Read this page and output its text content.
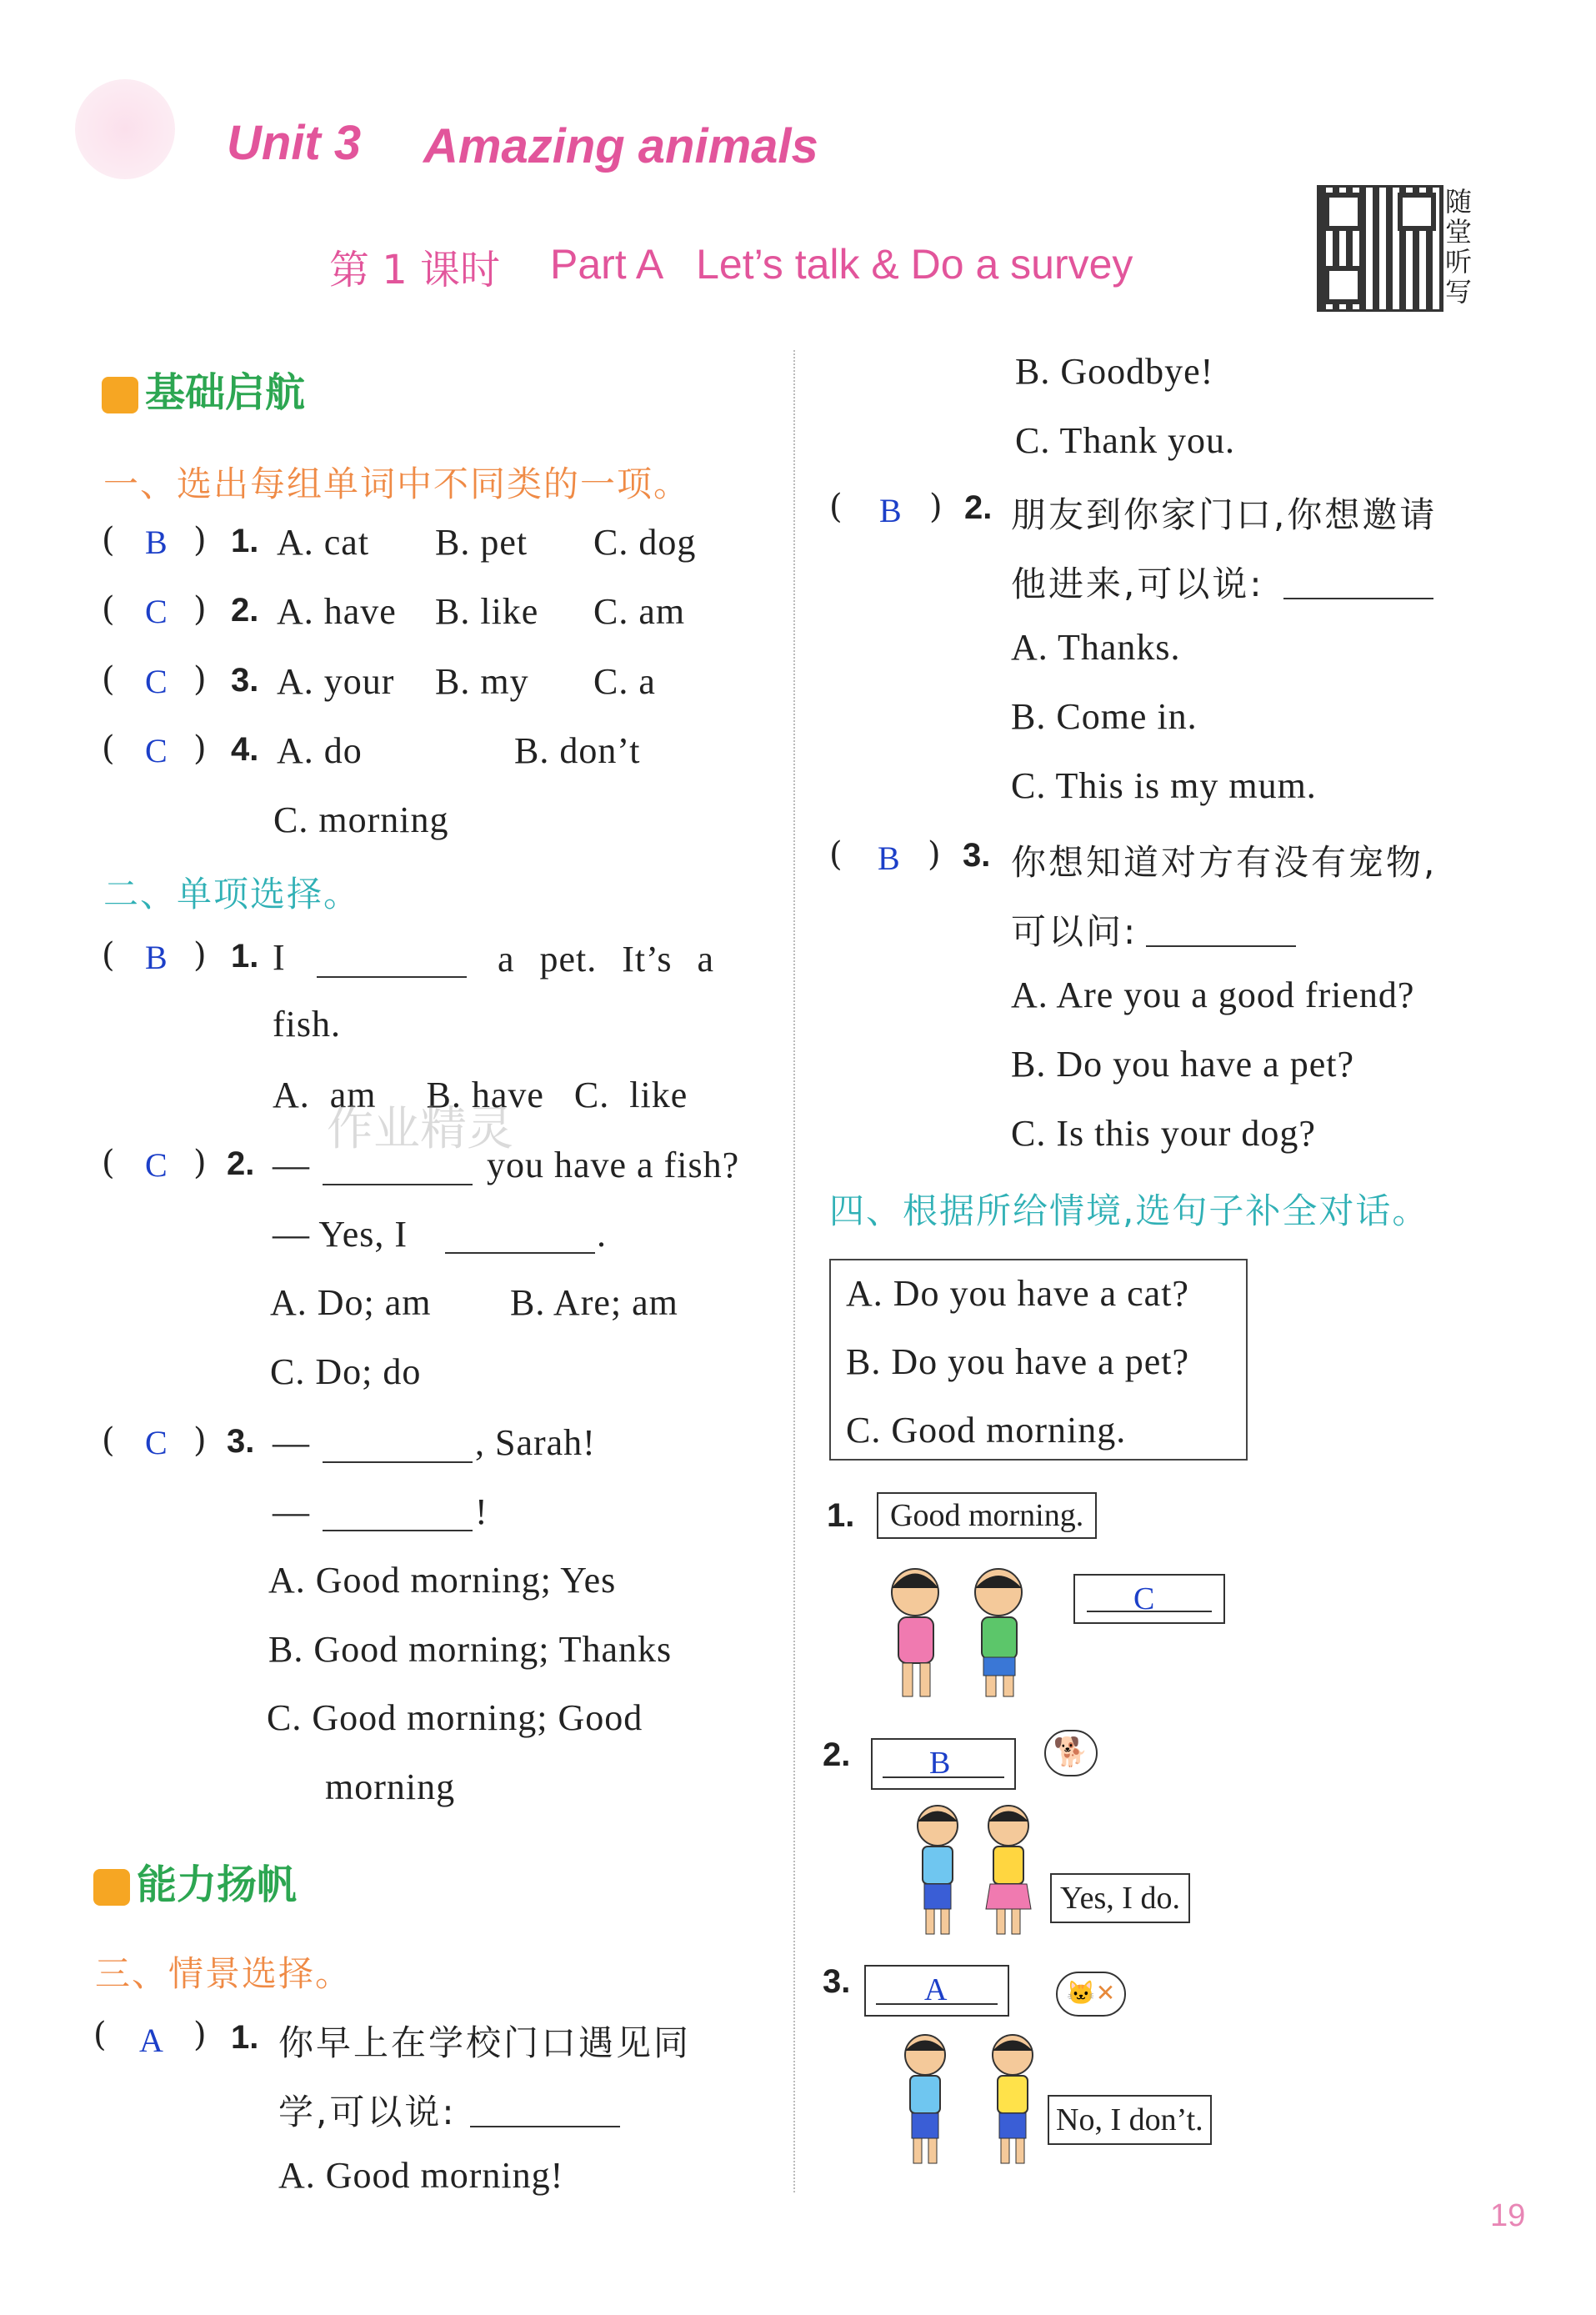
Unit 3 Amazing animals
第 1 课时 Part A   Let’s talk & Do a survey
随
堂
听
写
基础启航
一、选出每组单词中不同类的一项。
( B ) 1. A. cat B. pet C. dog
( C ) 2. A. have B. like C. am
( C ) 3. A. your B. my C. a
( C ) 4. A. do	B. don’t
C. morning
二、单项选择。
( B ) 1. I	a pet. It’s a
fish.
A.  am     B. have   C.  like
作业精灵
( C ) 2. —	you have a fish?
— Yes, I	.
A. Do; am B. Are; am
C. Do; do
( C ) 3. —	, Sarah!
—	!
A. Good morning; Yes
B. Good morning; Thanks
C. Good morning; Good
morning
能力扬帆
三、情景选择。
( A ) 1. 你早上在学校门口遇见同
学,可以说:
A. Good morning!
B. Goodbye!
C. Thank you.
( B ) 2. 朋友到你家门口,你想邀请
他进来,可以说:
A. Thanks.
B. Come in.
C. This is my mum.
( B ) 3. 你想知道对方有没有宠物,
可以问:
A. Are you a good friend?
B. Do you have a pet?
C. Is this your dog?
四、根据所给情境,选句子补全对话。
A. Do you have a cat?
B. Do you have a pet?
C. Good morning.
1.	Good morning.
C
2. B	🐕
Yes, I do.
3. A	🐱✕
No, I don’t.
19
